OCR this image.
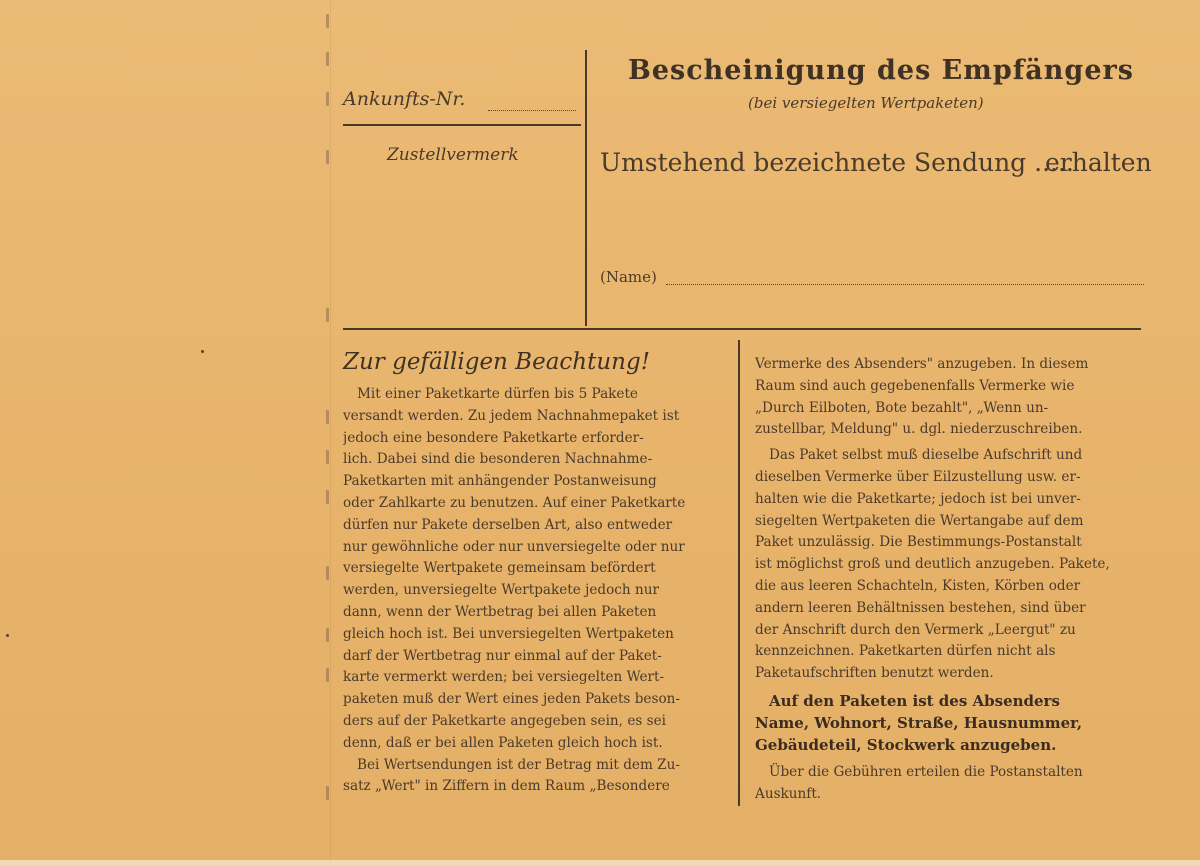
Ankunfts-Nr.
Zustellvermerk
Bescheinigung des Empfängers
(bei versiegelten Wertpaketen)
Umstehend bezeichnete Sendung .....
erhalten
(Name)
Zur gefälligen Beachtung!
Mit einer Paketkarte dürfen bis 5 Pakete
versandt werden. Zu jedem Nachnahmepaket ist
jedoch eine besondere Paketkarte erforder-
lich. Dabei sind die besonderen Nachnahme-
Paketkarten mit anhängender Postanweisung
oder Zahlkarte zu benutzen. Auf einer Paketkarte
dürfen nur Pakete derselben Art, also entweder
nur gewöhnliche oder nur unversiegelte oder nur
versiegelte Wertpakete gemeinsam befördert
werden, unversiegelte Wertpakete jedoch nur
dann, wenn der Wertbetrag bei allen Paketen
gleich hoch ist. Bei unversiegelten Wertpaketen
darf der Wertbetrag nur einmal auf der Paket-
karte vermerkt werden; bei versiegelten Wert-
paketen muß der Wert eines jeden Pakets beson-
ders auf der Paketkarte angegeben sein, es sei
denn, daß er bei allen Paketen gleich hoch ist.
Bei Wertsendungen ist der Betrag mit dem Zu-
satz „Wert" in Ziffern in dem Raum „Besondere
Vermerke des Absenders" anzugeben. In diesem
Raum sind auch gegebenenfalls Vermerke wie
„Durch Eilboten, Bote bezahlt", „Wenn un-
zustellbar, Meldung" u. dgl. niederzuschreiben.
Das Paket selbst muß dieselbe Aufschrift und
dieselben Vermerke über Eilzustellung usw. er-
halten wie die Paketkarte; jedoch ist bei unver-
siegelten Wertpaketen die Wertangabe auf dem
Paket unzulässig. Die Bestimmungs-Postanstalt
ist möglichst groß und deutlich anzugeben. Pakete,
die aus leeren Schachteln, Kisten, Körben oder
andern leeren Behältnissen bestehen, sind über
der Anschrift durch den Vermerk „Leergut" zu
kennzeichnen. Paketkarten dürfen nicht als
Paketaufschriften benutzt werden.
Auf den Paketen ist des Absenders
Name, Wohnort, Straße, Hausnummer,
Gebäudeteil, Stockwerk anzugeben.
Über die Gebühren erteilen die Postanstalten
Auskunft.
